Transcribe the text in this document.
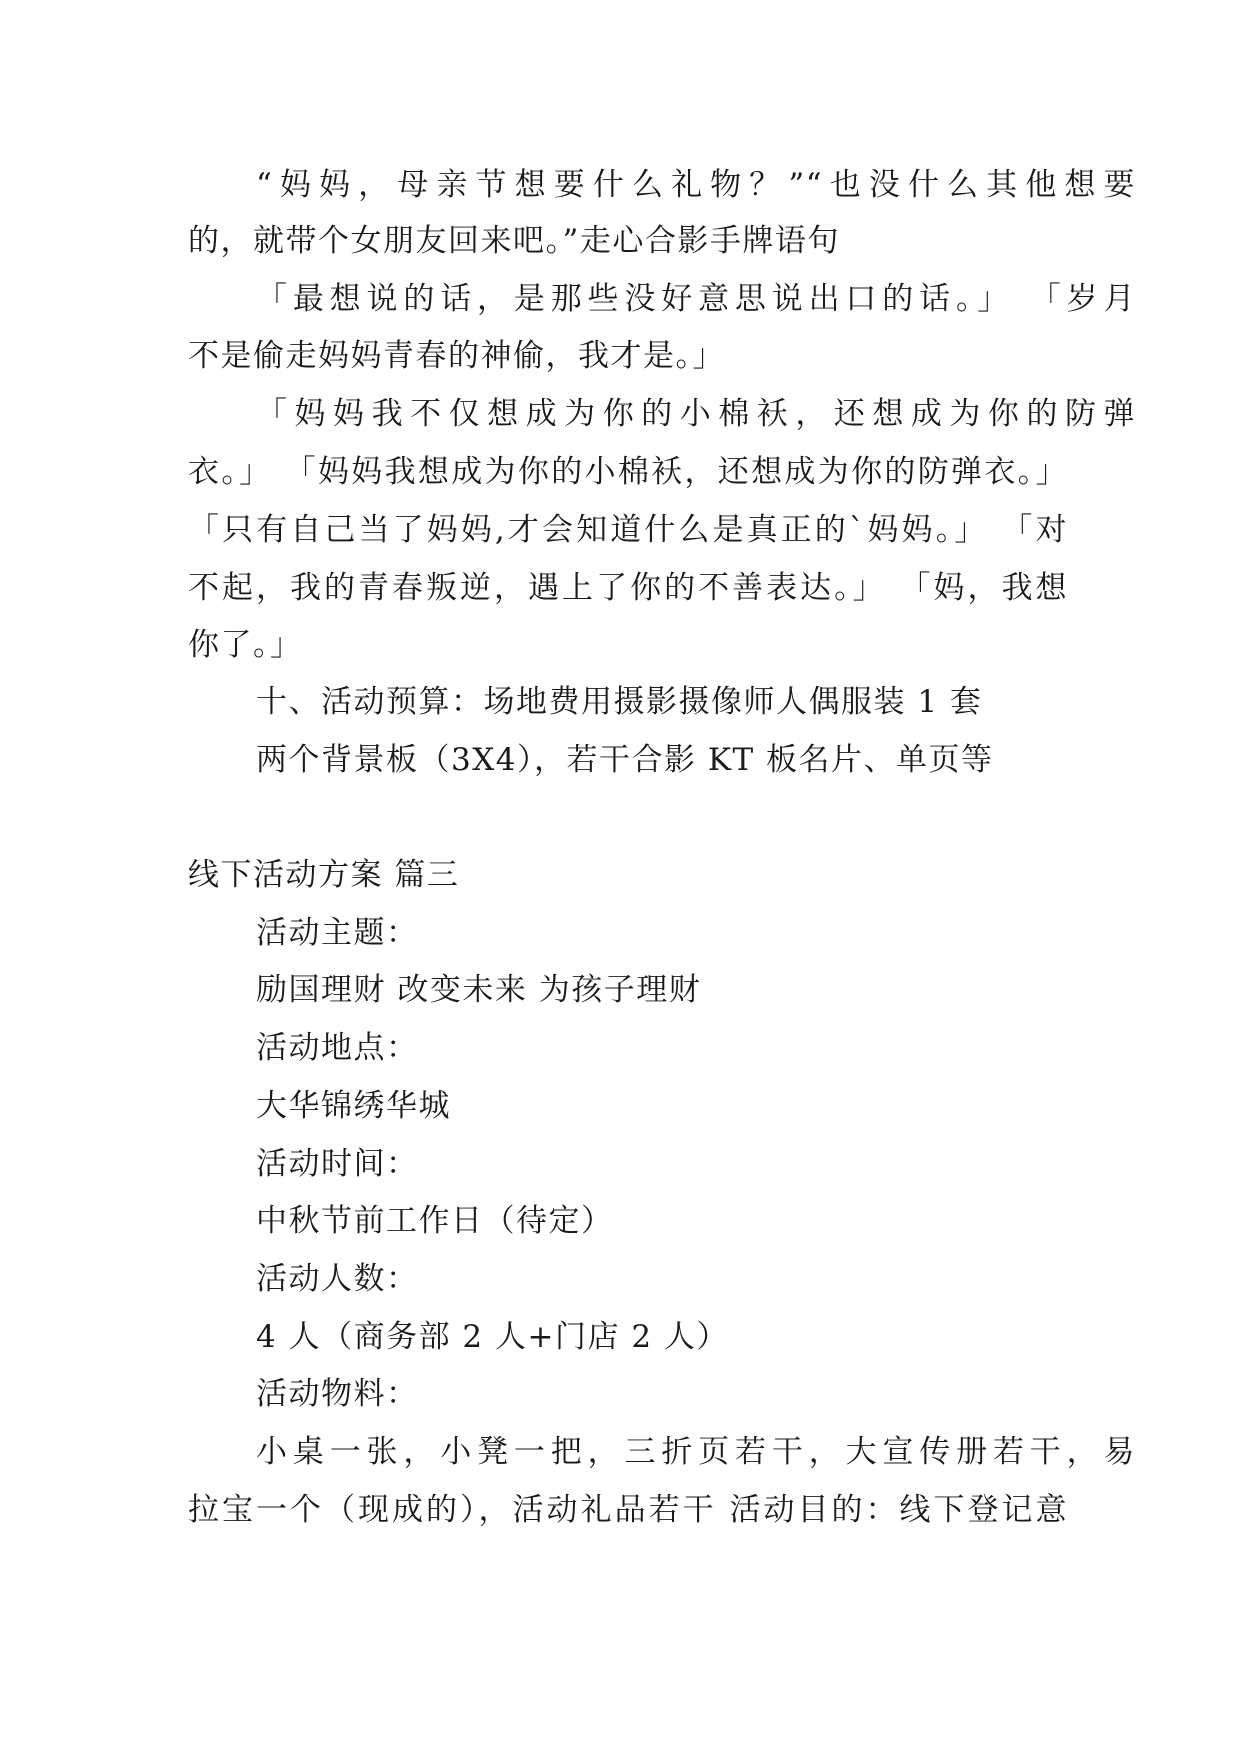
“妈妈，母亲节想要什么礼物？”“也没什么其他想要
的，就带个女朋友回来吧。”走心合影手牌语句
「最想说的话，是那些没好意思说出口的话。」 「岁月
不是偷走妈妈青春的神偷，我才是。」
「妈妈我不仅想成为你的小棉袄，还想成为你的防弹
衣。」 「妈妈我想成为你的小棉袄，还想成为你的防弹衣。」
「只有自己当了妈妈,才会知道什么是真正的`妈妈。」 「对
不起，我的青春叛逆，遇上了你的不善表达。」 「妈，我想
你了。」
十、活动预算：场地费用摄影摄像师人偶服装 1 套
两个背景板（3X4），若干合影 KT 板名片、单页等
线下活动方案 篇三
活动主题：
励国理财 改变未来 为孩子理财
活动地点：
大华锦绣华城
活动时间：
中秋节前工作日（待定）
活动人数：
4 人（商务部 2 人+门店 2 人）
活动物料：
小桌一张，小凳一把，三折页若干，大宣传册若干，易
拉宝一个（现成的），活动礼品若干 活动目的：线下登记意
